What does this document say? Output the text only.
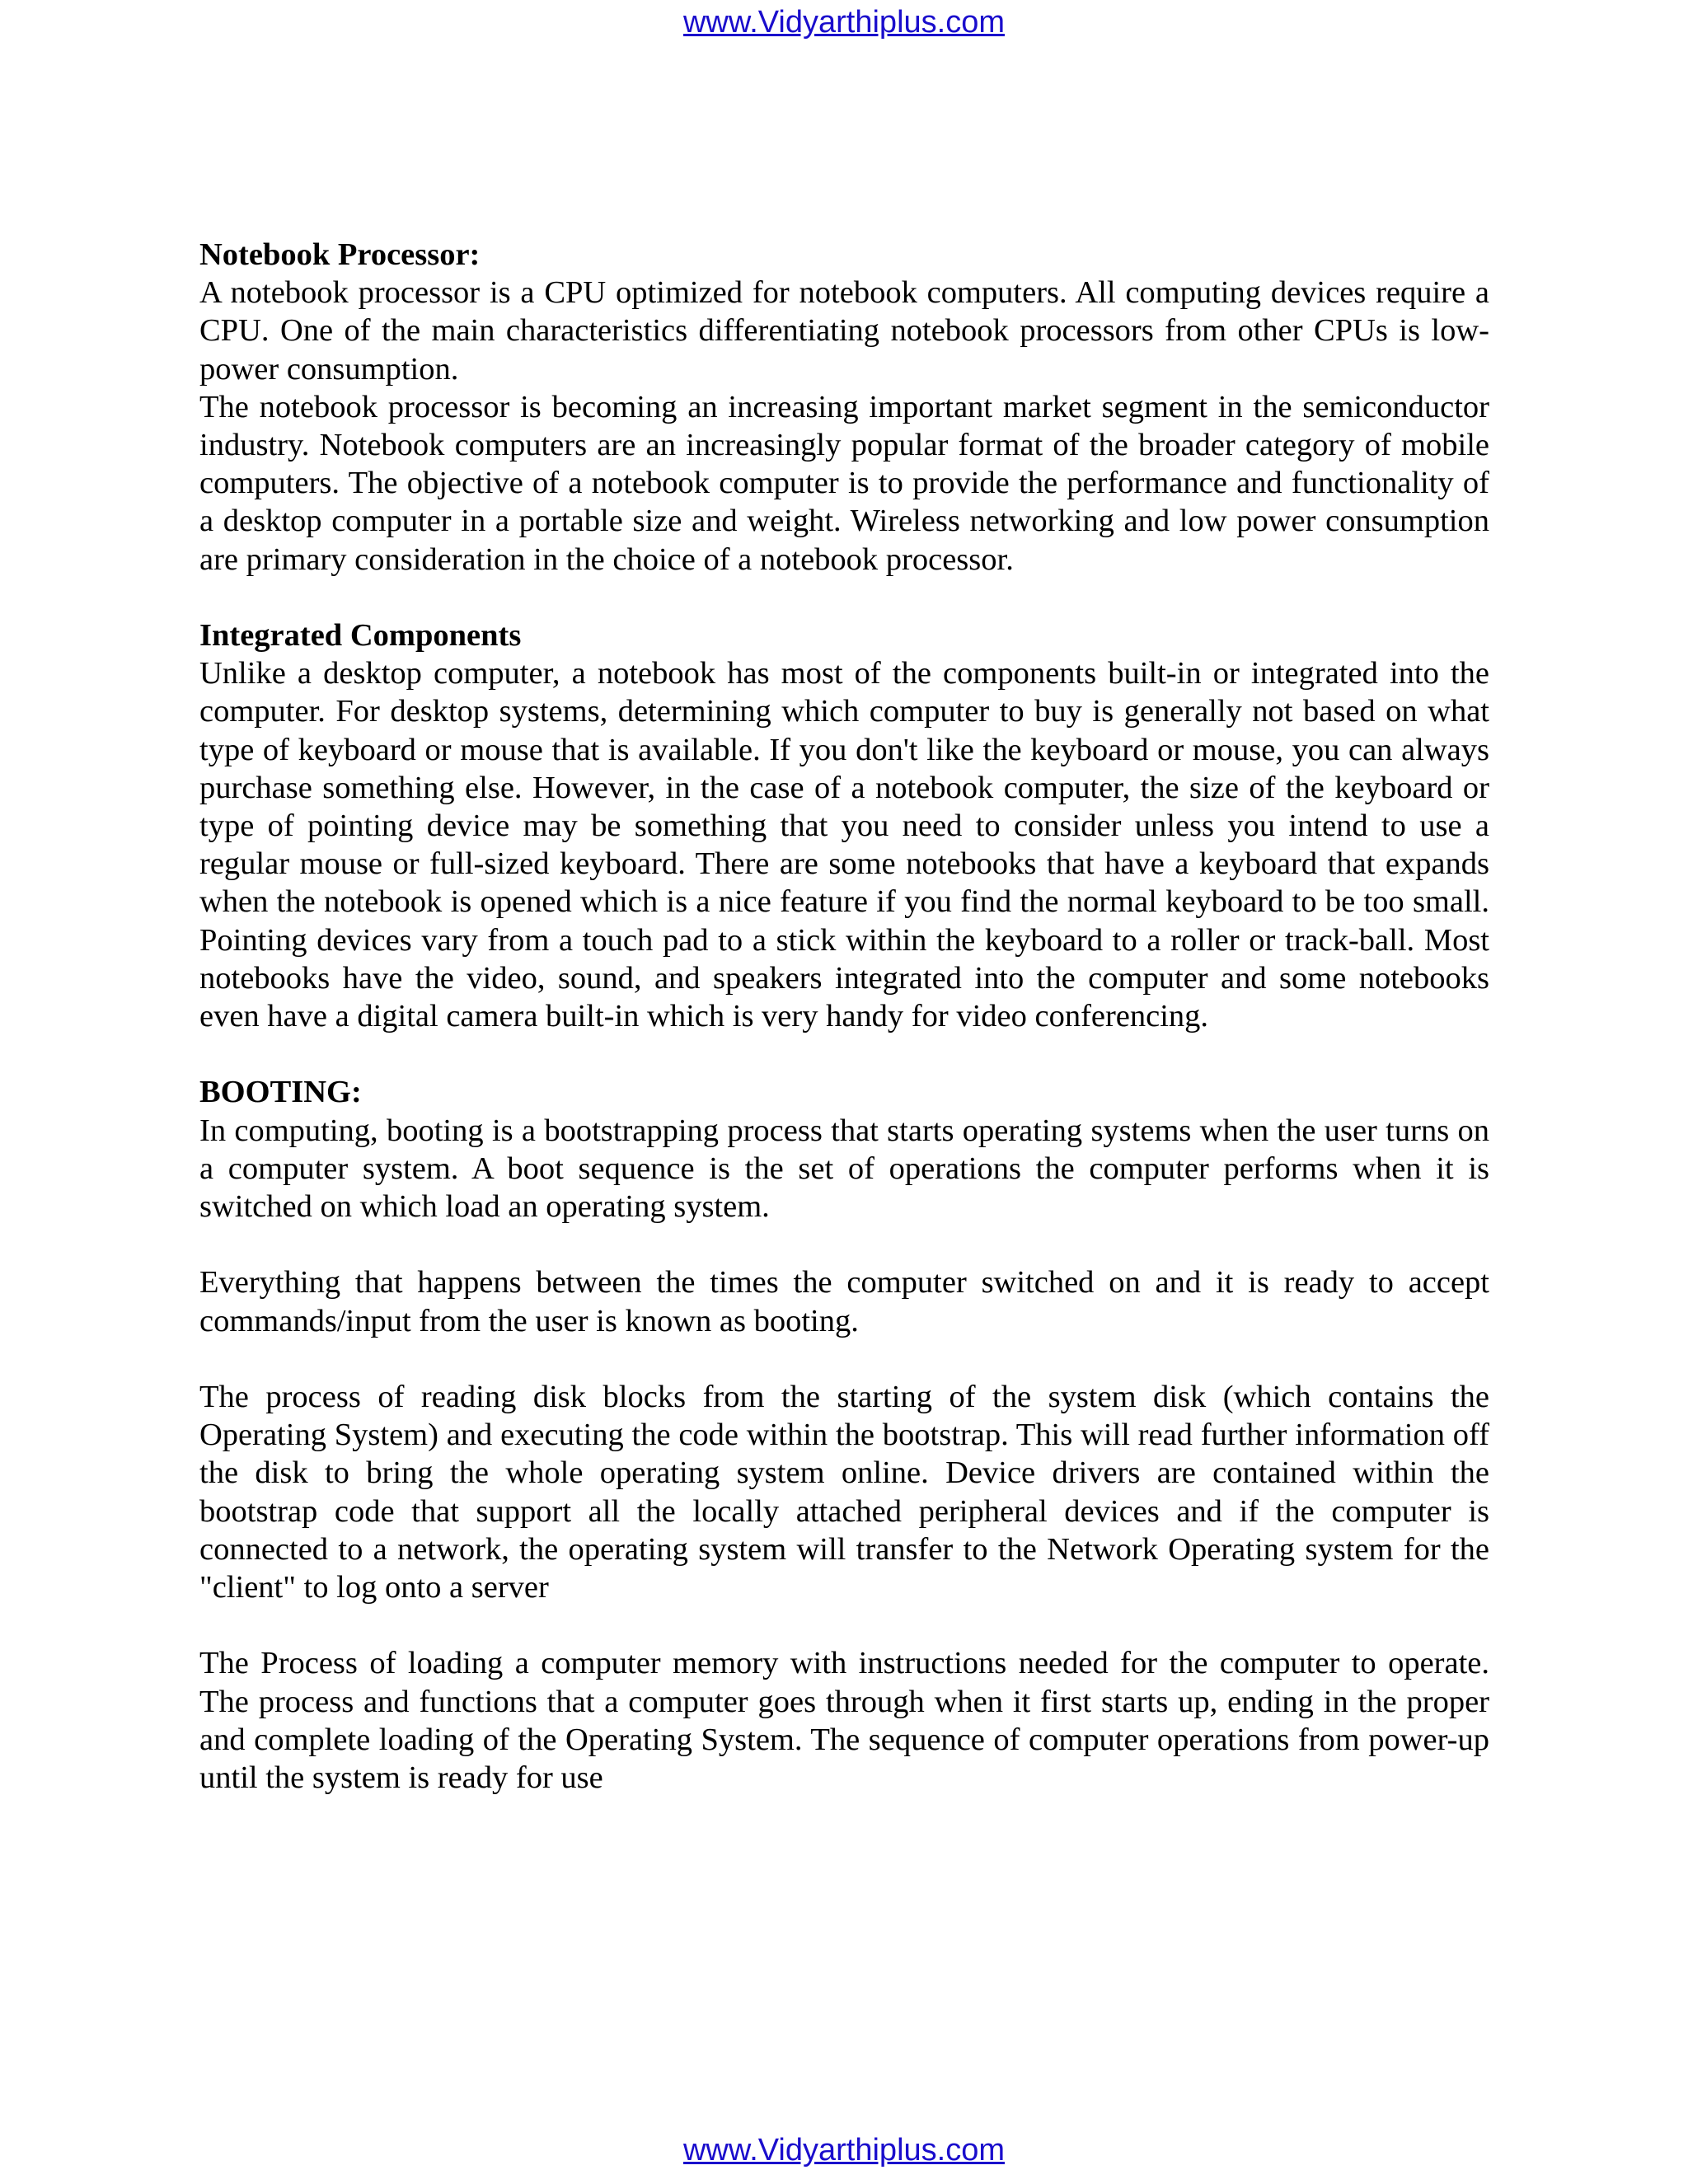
www.Vidyarthiplus.com

Notebook Processor:

A notebook processor is a CPU optimized for notebook computers. All computing devices require a CPU. One of the main characteristics differentiating notebook processors from other CPUs is low-power consumption.

The notebook processor is becoming an increasing important market segment in the semiconductor industry. Notebook computers are an increasingly popular format of the broader category of mobile computers. The objective of a notebook computer is to provide the performance and functionality of a desktop computer in a portable size and weight. Wireless networking and low power consumption are primary consideration in the choice of a notebook processor.

Integrated Components

Unlike a desktop computer, a notebook has most of the components built-in or integrated into the computer. For desktop systems, determining which computer to buy is generally not based on what type of keyboard or mouse that is available. If you don't like the keyboard or mouse, you can always purchase something else. However, in the case of a notebook computer, the size of the keyboard or type of pointing device may be something that you need to consider unless you intend to use a regular mouse or full-sized keyboard. There are some notebooks that have a keyboard that expands when the notebook is opened which is a nice feature if you find the normal keyboard to be too small. Pointing devices vary from a touch pad to a stick within the keyboard to a roller or track-ball. Most notebooks have the video, sound, and speakers integrated into the computer and some notebooks even have a digital camera built-in which is very handy for video conferencing.

BOOTING:

In computing, booting is a bootstrapping process that starts operating systems when the user turns on a computer system. A boot sequence is the set of operations the computer performs when it is switched on which load an operating system.

Everything that happens between the times the computer switched on and it is ready to accept commands/input from the user is known as booting.

The process of reading disk blocks from the starting of the system disk (which contains the Operating System) and executing the code within the bootstrap. This will read further information off the disk to bring the whole operating system online. Device drivers are contained within the bootstrap code that support all the locally attached peripheral devices and if the computer is connected to a network, the operating system will transfer to the Network Operating system for the "client" to log onto a server

The Process of loading a computer memory with instructions needed for the computer to operate. The process and functions that a computer goes through when it first starts up, ending in the proper and complete loading of the Operating System. The sequence of computer operations from power-up until the system is ready for use

www.Vidyarthiplus.com
